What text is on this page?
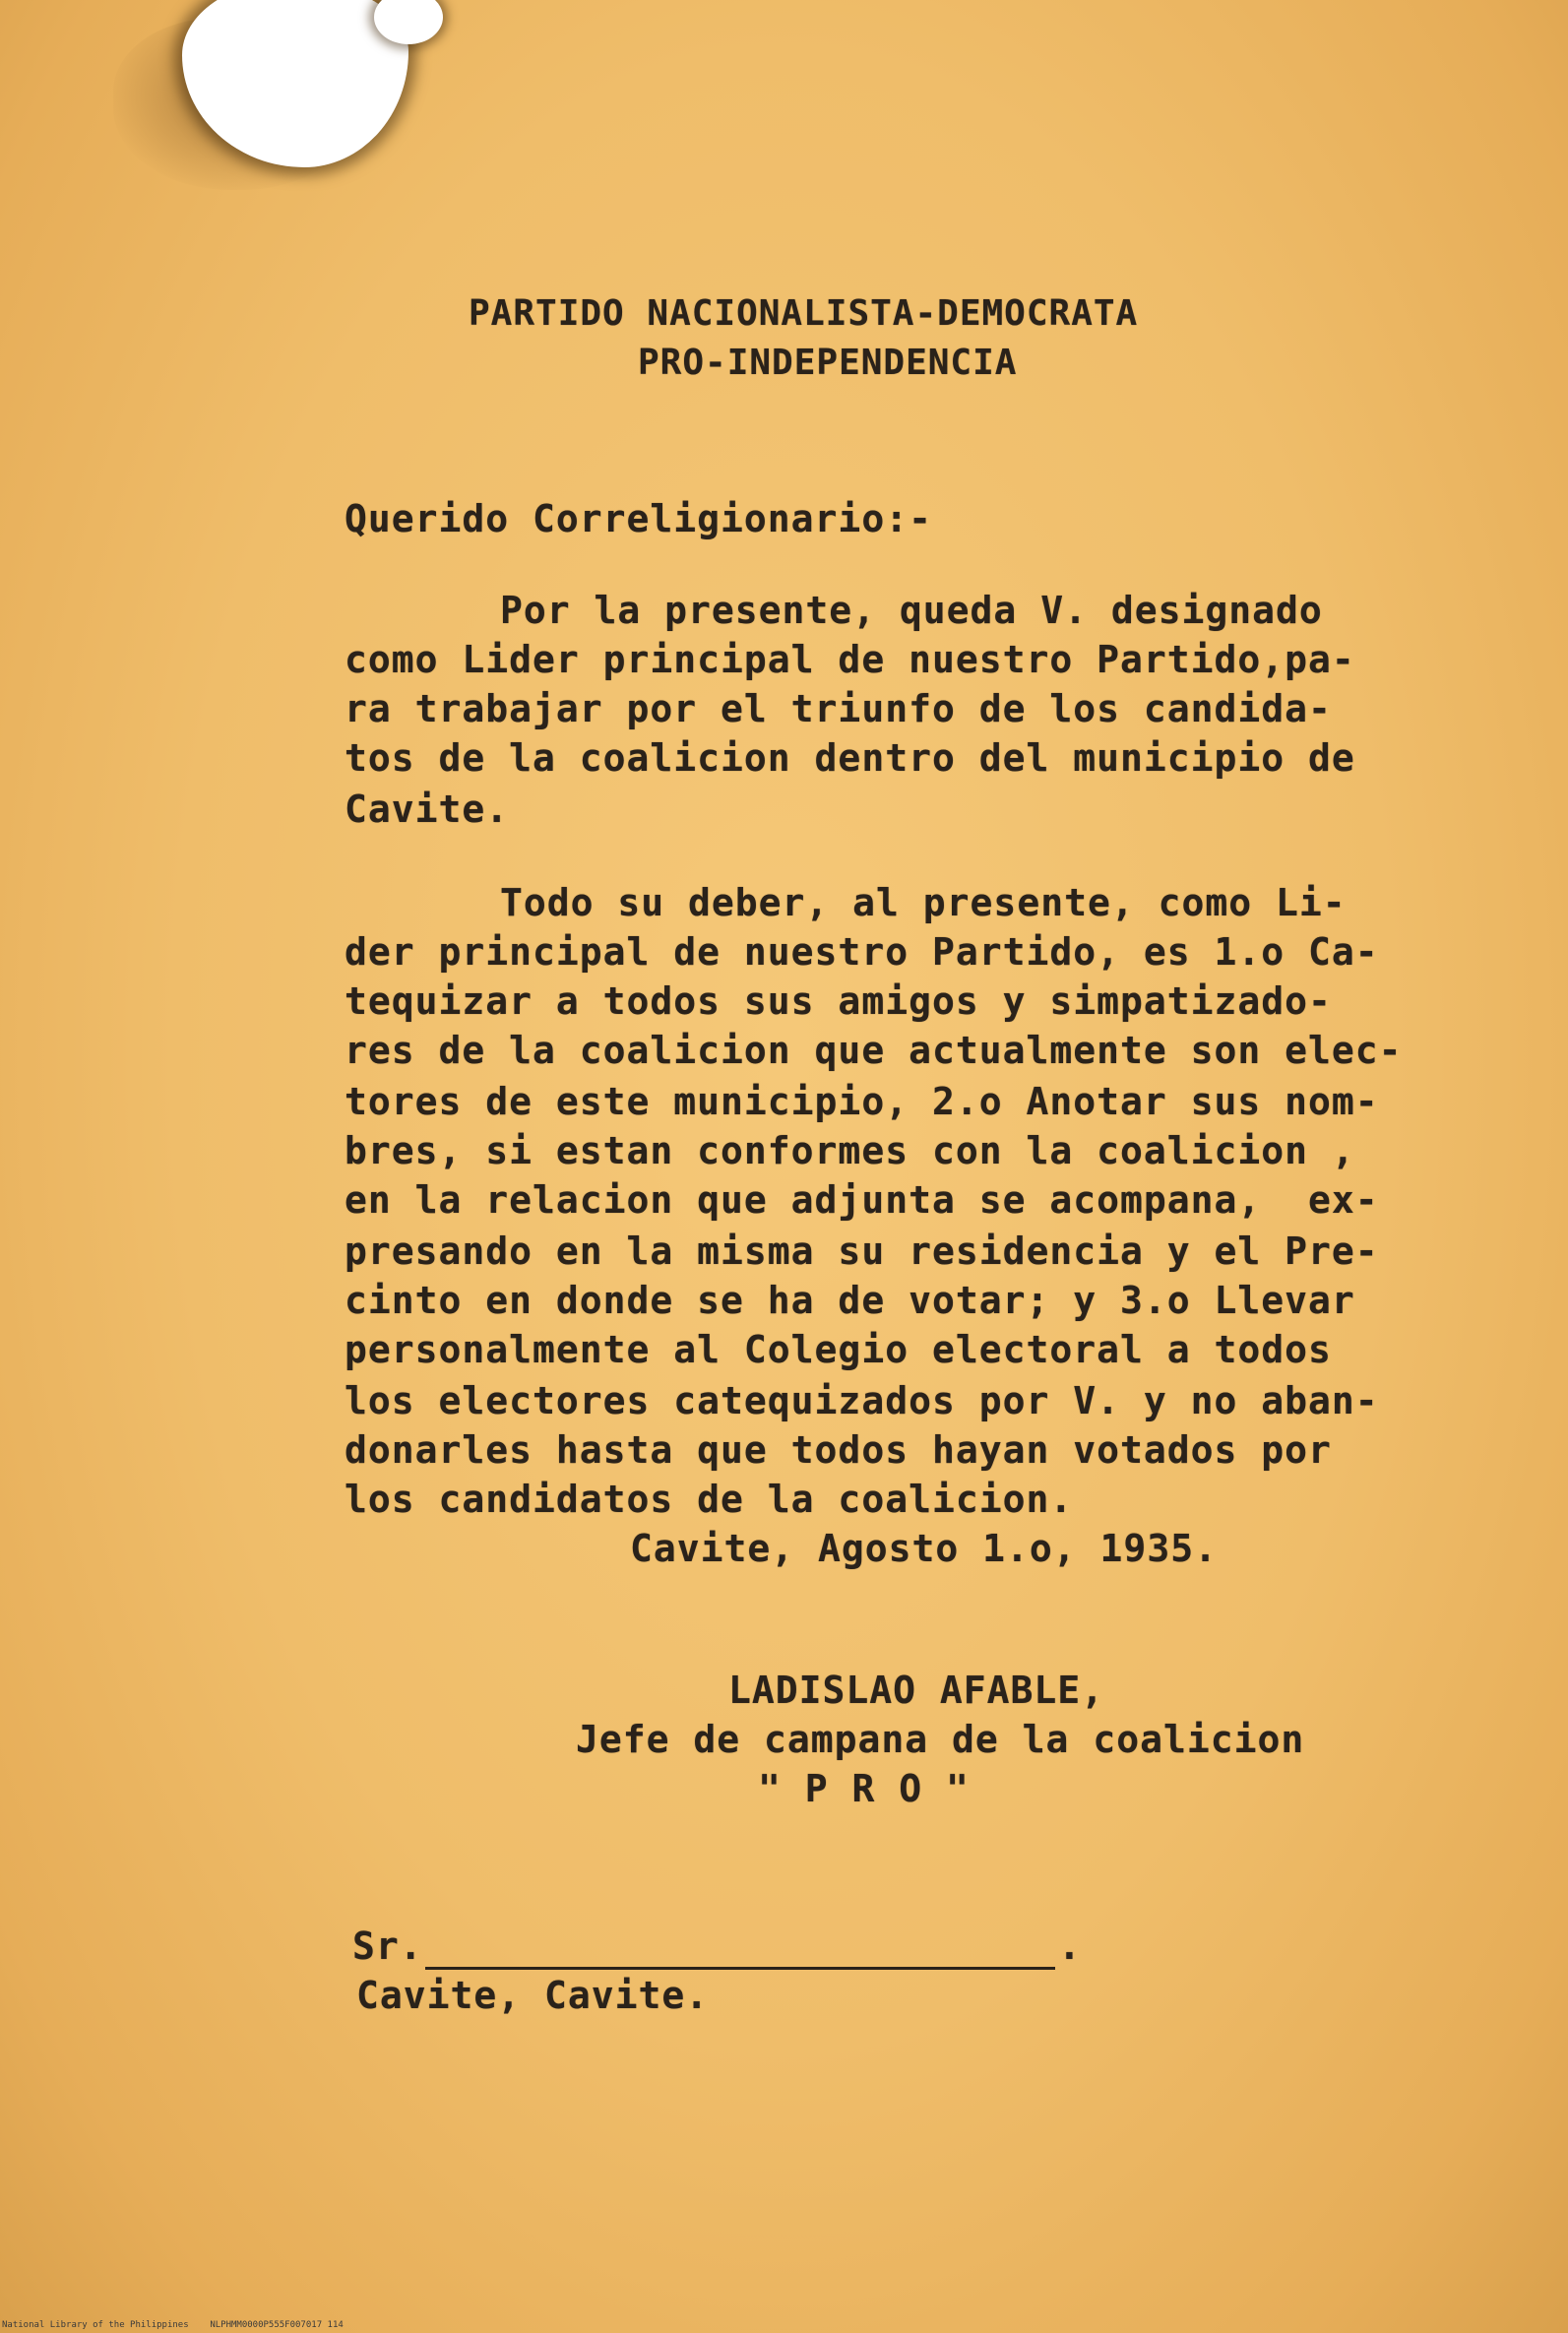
PARTIDO NACIONALISTA-DEMOCRATA
PRO-INDEPENDENCIA
Querido Correligionario:-
Por la presente, queda V. designado
como Lider principal de nuestro Partido,pa-
ra trabajar por el triunfo de los candida-
tos de la coalicion dentro del municipio de
Cavite.
Todo su deber, al presente, como Li-
der principal de nuestro Partido, es 1.o Ca-
tequizar a todos sus amigos y simpatizado-
res de la coalicion que actualmente son elec-
tores de este municipio, 2.o Anotar sus nom-
bres, si estan conformes con la coalicion ,
en la relacion que adjunta se acompana,  ex-
presando en la misma su residencia y el Pre-
cinto en donde se ha de votar; y 3.o Llevar
personalmente al Colegio electoral a todos
los electores catequizados por V. y no aban-
donarles hasta que todos hayan votados por
los candidatos de la coalicion.
Cavite, Agosto 1.o, 1935.
LADISLAO AFABLE,
Jefe de campana de la coalicion
" P R O "
Sr.	.
Cavite, Cavite.
National Library of the Philippines    NLPHMM0000P555F007017 114
